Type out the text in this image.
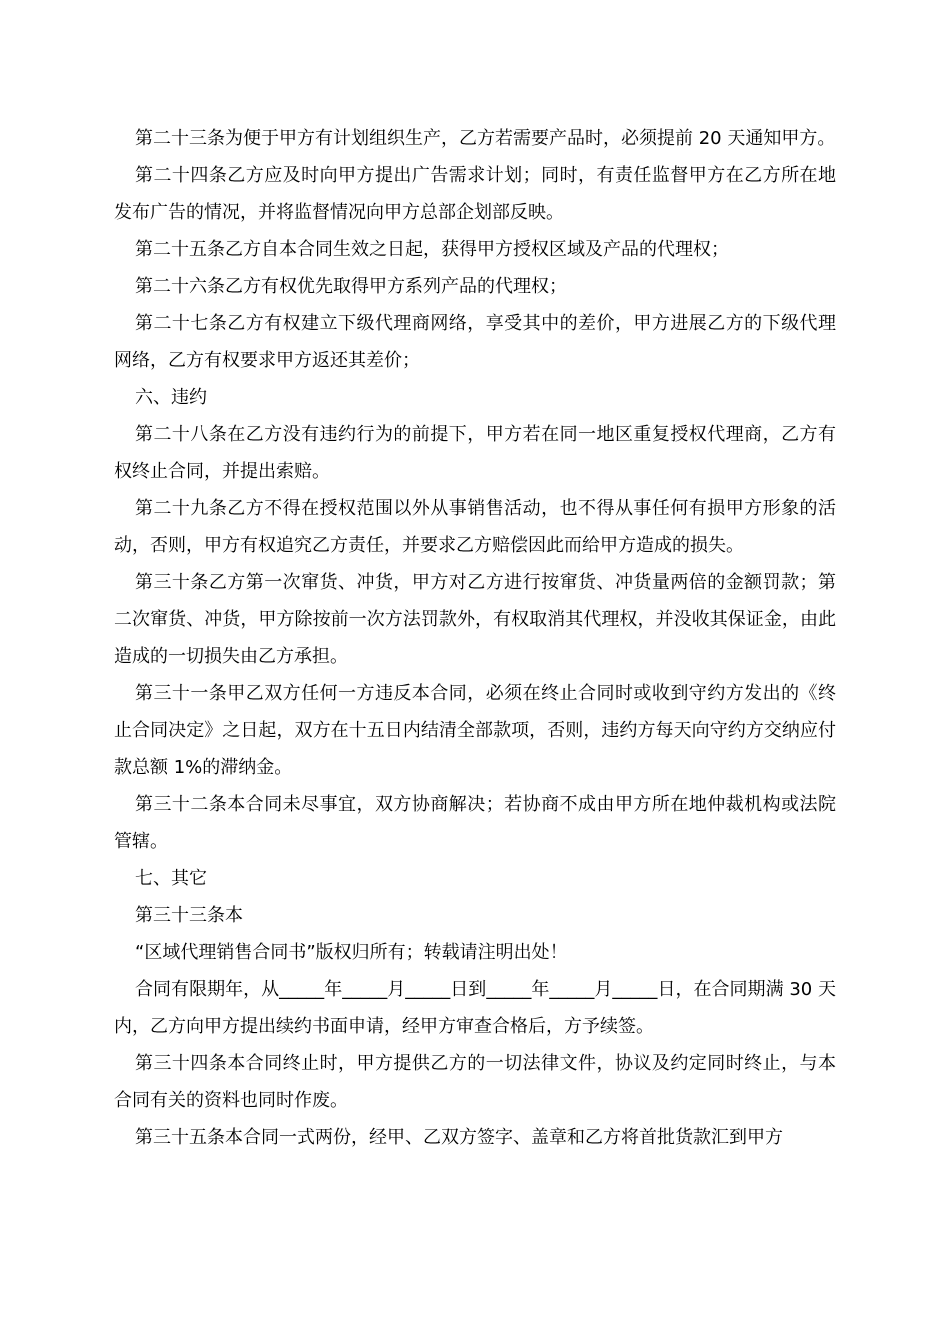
第二十三条为便于甲方有计划组织生产，乙方若需要产品时，必须提前 20 天通知甲方。

第二十四条乙方应及时向甲方提出广告需求计划；同时，有责任监督甲方在乙方所在地发布广告的情况，并将监督情况向甲方总部企划部反映。

第二十五条乙方自本合同生效之日起，获得甲方授权区域及产品的代理权；

第二十六条乙方有权优先取得甲方系列产品的代理权；

第二十七条乙方有权建立下级代理商网络，享受其中的差价，甲方进展乙方的下级代理网络，乙方有权要求甲方返还其差价；

六、违约

第二十八条在乙方没有违约行为的前提下，甲方若在同一地区重复授权代理商，乙方有权终止合同，并提出索赔。

第二十九条乙方不得在授权范围以外从事销售活动，也不得从事任何有损甲方形象的活动，否则，甲方有权追究乙方责任，并要求乙方赔偿因此而给甲方造成的损失。

第三十条乙方第一次窜货、冲货，甲方对乙方进行按窜货、冲货量两倍的金额罚款；第二次窜货、冲货，甲方除按前一次方法罚款外，有权取消其代理权，并没收其保证金，由此造成的一切损失由乙方承担。

第三十一条甲乙双方任何一方违反本合同，必须在终止合同时或收到守约方发出的《终止合同决定》之日起，双方在十五日内结清全部款项，否则，违约方每天向守约方交纳应付款总额 1%的滞纳金。

第三十二条本合同未尽事宜，双方协商解决；若协商不成由甲方所在地仲裁机构或法院管辖。

七、其它

第三十三条本

“区域代理销售合同书”版权归所有；转载请注明出处！

合同有限期年，从_____年_____月_____日到_____年_____月_____日，在合同期满 30 天内，乙方向甲方提出续约书面申请，经甲方审查合格后，方予续签。

第三十四条本合同终止时，甲方提供乙方的一切法律文件，协议及约定同时终止，与本合同有关的资料也同时作废。

第三十五条本合同一式两份，经甲、乙双方签字、盖章和乙方将首批货款汇到甲方
